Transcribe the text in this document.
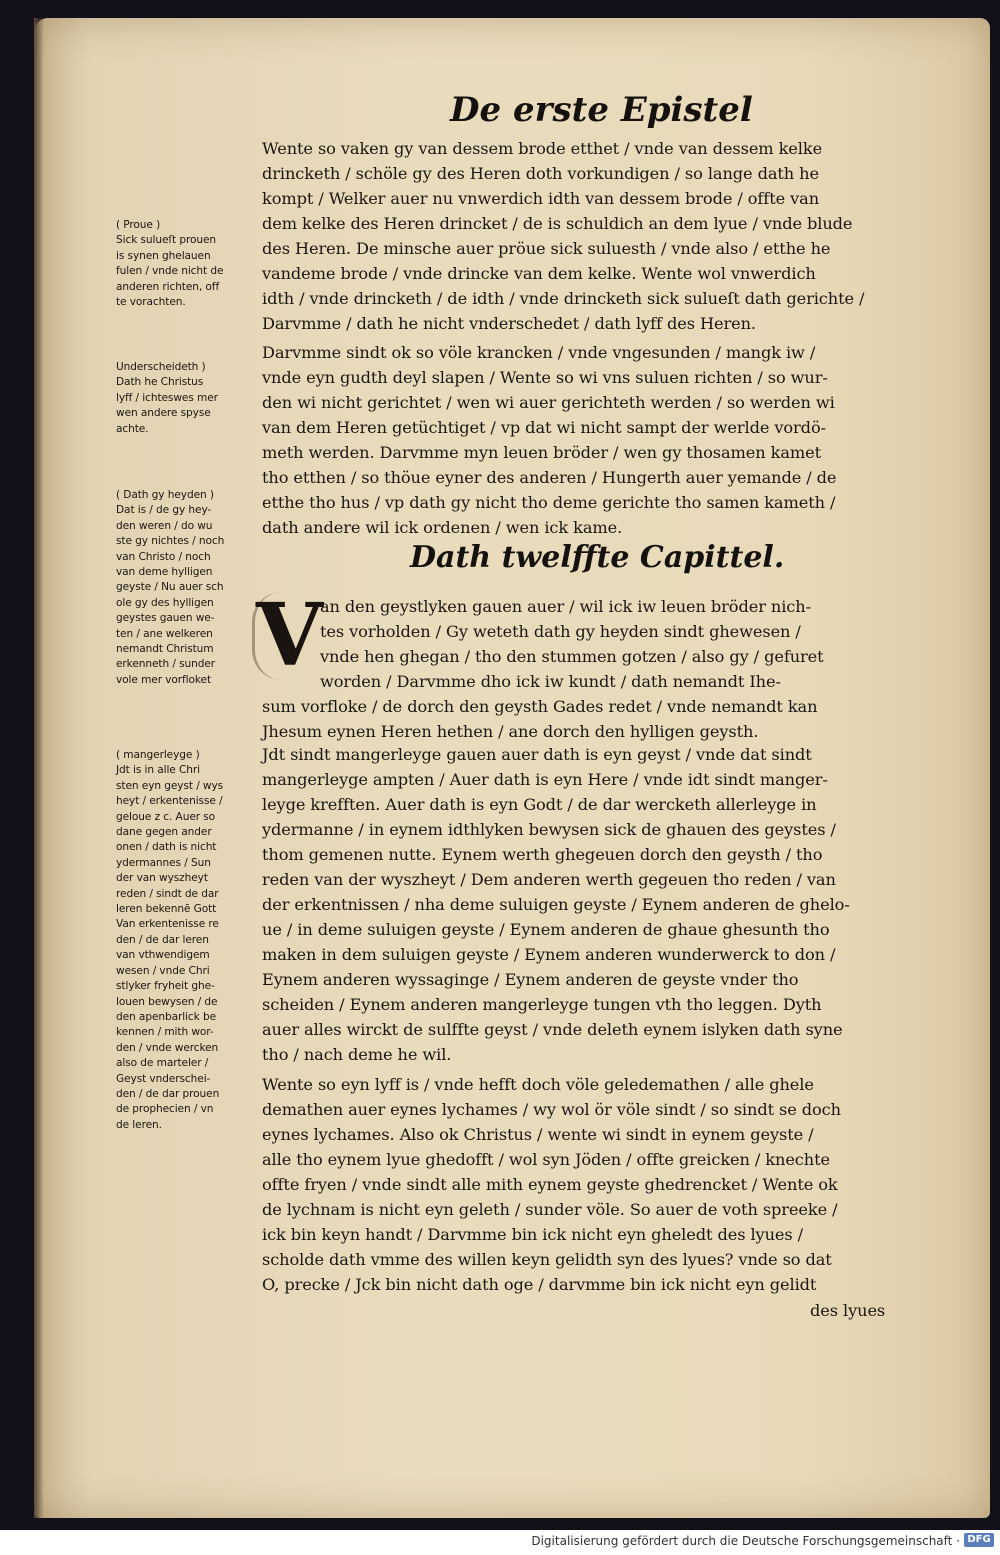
De erste Epistel

Wente so vaken gy van dessem brode etthet / vnde van dessem kelke

drincketh / schöle gy des Heren doth vorkundigen / so lange dath he

kompt / Welker auer nu vnwerdich idth van dessem brode / offte van

dem kelke des Heren drincket / de is schuldich an dem lyue / vnde blude

des Heren. De minsche auer pröue sick suluesth / vnde also / etthe he

vandeme brode / vnde drincke van dem kelke. Wente wol vnwerdich

idth / vnde drincketh / de idth / vnde drincketh sick sulueſt dath gerichte /

Darvmme / dath he nicht vnderschedet / dath lyff des Heren.

Darvmme sindt ok so völe krancken / vnde vngesunden / mangk iw /

vnde eyn gudth deyl slapen / Wente so wi vns suluen richten / so wur-

den wi nicht gerichtet / wen wi auer gerichteth werden / so werden wi

van dem Heren getüchtiget / vp dat wi nicht sampt der werlde vordö-

meth werden. Darvmme myn leuen bröder / wen gy thosamen kamet

tho etthen / so thöue eyner des anderen / Hungerth auer yemande / de

etthe tho hus / vp dath gy nicht tho deme gerichte tho samen kameth /

dath andere wil ick ordenen / wen ick kame.

Dath twelffte Capittel.
V

an den geystlyken gauen auer / wil ick iw leuen bröder nich-

tes vorholden / Gy weteth dath gy heyden sindt ghewesen /

vnde hen ghegan / tho den stummen gotzen / also gy / gefuret

worden / Darvmme dho ick iw kundt / dath nemandt Ihe-

sum vorfloke / de dorch den geysth Gades redet / vnde nemandt kan

Jhesum eynen Heren hethen / ane dorch den hylligen geysth.

Jdt sindt mangerleyge gauen auer dath is eyn geyst / vnde dat sindt

mangerleyge ampten / Auer dath is eyn Here / vnde idt sindt manger-

leyge krefften. Auer dath is eyn Godt / de dar wercketh allerleyge in

ydermanne / in eynem idthlyken bewysen sick de ghauen des geystes /

thom gemenen nutte. Eynem werth ghegeuen dorch den geysth / tho

reden van der wyszheyt / Dem anderen werth gegeuen tho reden / van

der erkentnissen / nha deme suluigen geyste / Eynem anderen de ghelo-

ue / in deme suluigen geyste / Eynem anderen de ghaue ghesunth tho

maken in dem suluigen geyste / Eynem anderen wunderwerck to don /

Eynem anderen wyssaginge / Eynem anderen de geyste vnder tho

scheiden / Eynem anderen mangerleyge tungen vth tho leggen. Dyth

auer alles wirckt de sulffte geyst / vnde deleth eynem islyken dath syne

tho / nach deme he wil.

Wente so eyn lyff is / vnde hefft doch völe geledemathen / alle ghele

demathen auer eynes lychames / wy wol ör völe sindt / so sindt se doch

eynes lychames. Also ok Christus / wente wi sindt in eynem geyste /

alle tho eynem lyue ghedofft / wol syn Jöden / offte greicken / knechte

offte fryen / vnde sindt alle mith eynem geyste ghedrencket / Wente ok

de lychnam is nicht eyn geleth / sunder völe. So auer de voth spreeke /

ick bin keyn handt / Darvmme bin ick nicht eyn gheledt des lyues /

scholde dath vmme des willen keyn gelidth syn des lyues? vnde so dat

O, precke / Jck bin nicht dath oge / darvmme bin ick nicht eyn gelidt

des lyues

( Proue )

Sick sulueſt prouen

is synen ghelauen

fulen / vnde nicht de

anderen richten, off

te vorachten.

Underscheideth )

Dath he Christus

lyff / ichteswes mer

wen andere spyse

achte.

( Dath gy heyden )

Dat is / de gy hey-

den weren / do wu

ste gy nichtes / noch

van Christo / noch

van deme hylligen

geyste / Nu auer sch

ole gy des hylligen

geystes gauen we-

ten / ane welkeren

nemandt Christum

erkenneth / sunder

vole mer vorfloket

( mangerleyge )

Jdt is in alle Chri

sten eyn geyst / wys

heyt / erkentenisse /

geloue z c. Auer so

dane gegen ander

onen / dath is nicht

ydermannes / Sun

der van wyszheyt

reden / sindt de dar

leren bekennē Gott

Van erkentenisse re

den / de dar leren

van vthwendigem

wesen / vnde Chri

stlyker fryheit ghe-

louen bewysen / de

den apenbarlick be

kennen / mith wor-

den / vnde wercken

also de marteler /

Geyst vnderschei-

den / de dar prouen

de prophecien / vn

de leren.

Digitalisierung gefördert durch die Deutsche Forschungsgemeinschaft · DFG
